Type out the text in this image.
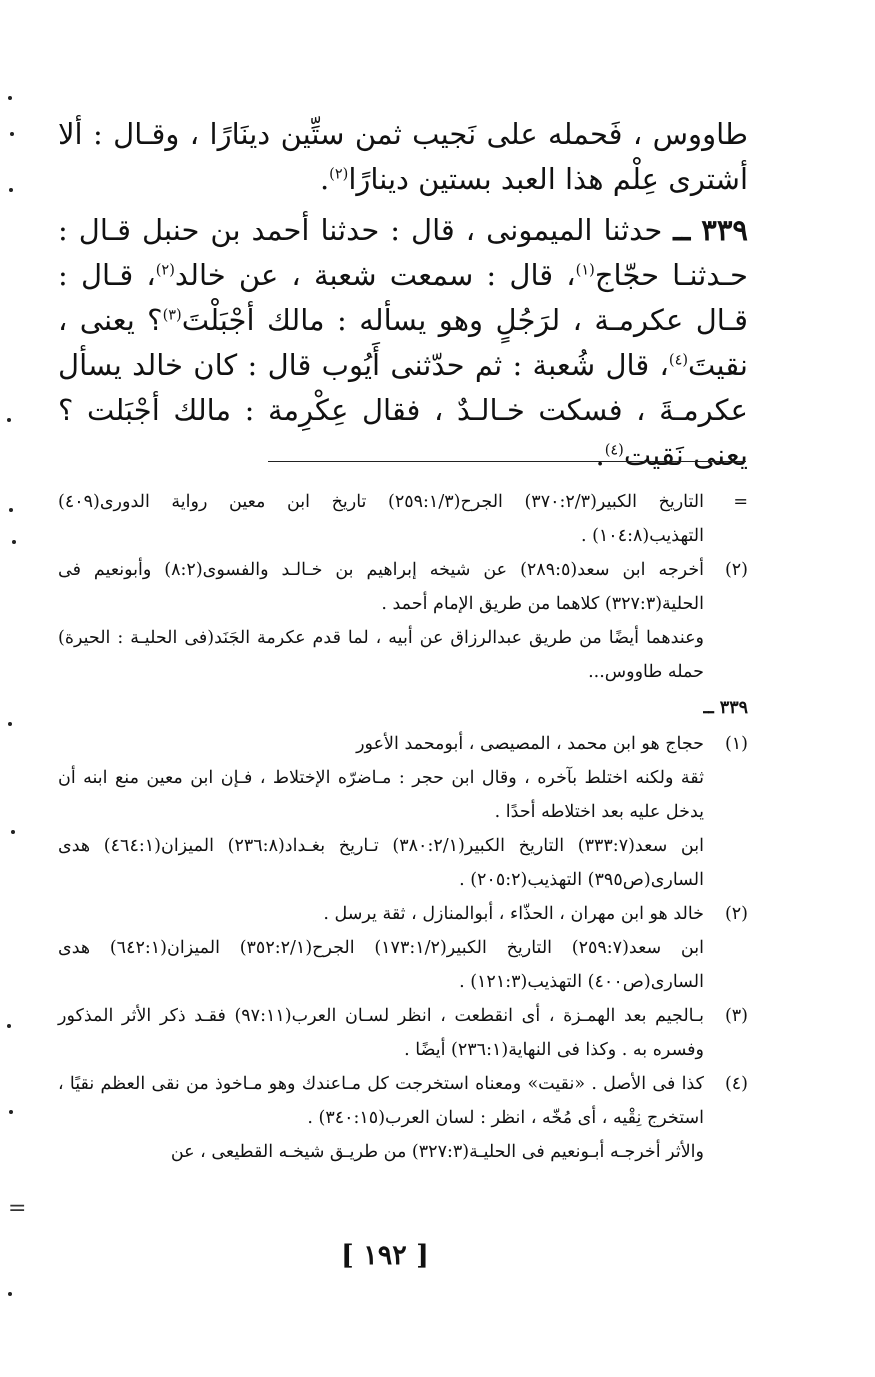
=

طاووس ، فَحمله على نَجيب ثمن ستِّين دينَارًا ، وقـال : ألا أشترى عِلْم هذا العبد بستين دينارًا$^{(٢)}$.

٣٣٩ ــ حدثنا الميمونى ، قال : حدثنا أحمد بن حنبل قـال : حـدثنـا حجّاج$^{(١)}$، قال : سمعت شعبة ، عن خالد$^{(٢)}$، قـال : قـال عكرمـة ، لرَجُلٍ وهو يسأله : مالك أجْبَلْتَ$^{(٣)}$؟ يعنى ، نقيتَ$^{(٤)}$، قال شُعبة : ثم حدّثنى أَيُوب قال : كان خالد يسأل عكرمـةَ ، فسكت خـالـدٌ ، فقال عِكْرِمة : مالك أجْبَلت ؟ يعنى نَقيت$^{(٤)}$.

=
التاريخ الكبير(٣٧٠:٢/٣) الجرح(٢٥٩:١/٣) تاريخ ابن معين رواية الدورى(٤٠٩) التهذيب(١٠٤:٨) .
(٢)
أخرجه ابن سعد(٢٨٩:٥) عن شيخه إبراهيم بن خـالـد والفسوى(٨:٢) وأبونعيم فى الحلية(٣٢٧:٣) كلاهما من طريق الإمام أحمد .
وعندهما أيضًا من طريق عبدالرزاق عن أبيه ، لما قدم عكرمة الجَنَد(فى الحليـة : الحيرة) حمله طاووس...
٣٣٩ ــ
(١)
حجاج هو ابن محمد ، المصيصى ، أبومحمد الأعور
ثقة ولكنه اختلط بآخره ، وقال ابن حجر : مـاضرّه الإختلاط ، فـإن ابن معين منع ابنه أن يدخل عليه بعد اختلاطه أحدًا .
ابن سعد(٣٣٣:٧) التاريخ الكبير(٣٨٠:٢/١) تـاريخ بغـداد(٢٣٦:٨) الميزان(٤٦٤:١) هدى السارى(ص٣٩٥) التهذيب(٢٠٥:٢) .
(٢)
خالد هو ابن مهران ، الحذّاء ، أبوالمنازل ، ثقة يرسل .
ابن سعد(٢٥٩:٧) التاريخ الكبير(١٧٣:١/٢) الجرح(٣٥٢:٢/١) الميزان(٦٤٢:١) هدى السارى(ص٤٠٠) التهذيب(١٢١:٣) .
(٣)
بـالجيم بعد الهمـزة ، أى انقطعت ، انظر لسـان العرب(٩٧:١١) فقـد ذكر الأثر المذكور وفسره به . وكذا فى النهاية(٢٣٦:١) أيضًا .
(٤)
كذا فى الأصل . «نقيت» ومعناه استخرجت كل مـاعندك وهو مـاخوذ من نقى العظم نقيًا ، استخرج نِقْيه ، أى مُخّه ، انظر : لسان العرب(٣٤٠:١٥) .
والأثر أخرجـه أبـونعيم فى الحليـة(٣٢٧:٣) من طريـق شيخـه القطيعى ، عن
[ ١٩٢ ]
